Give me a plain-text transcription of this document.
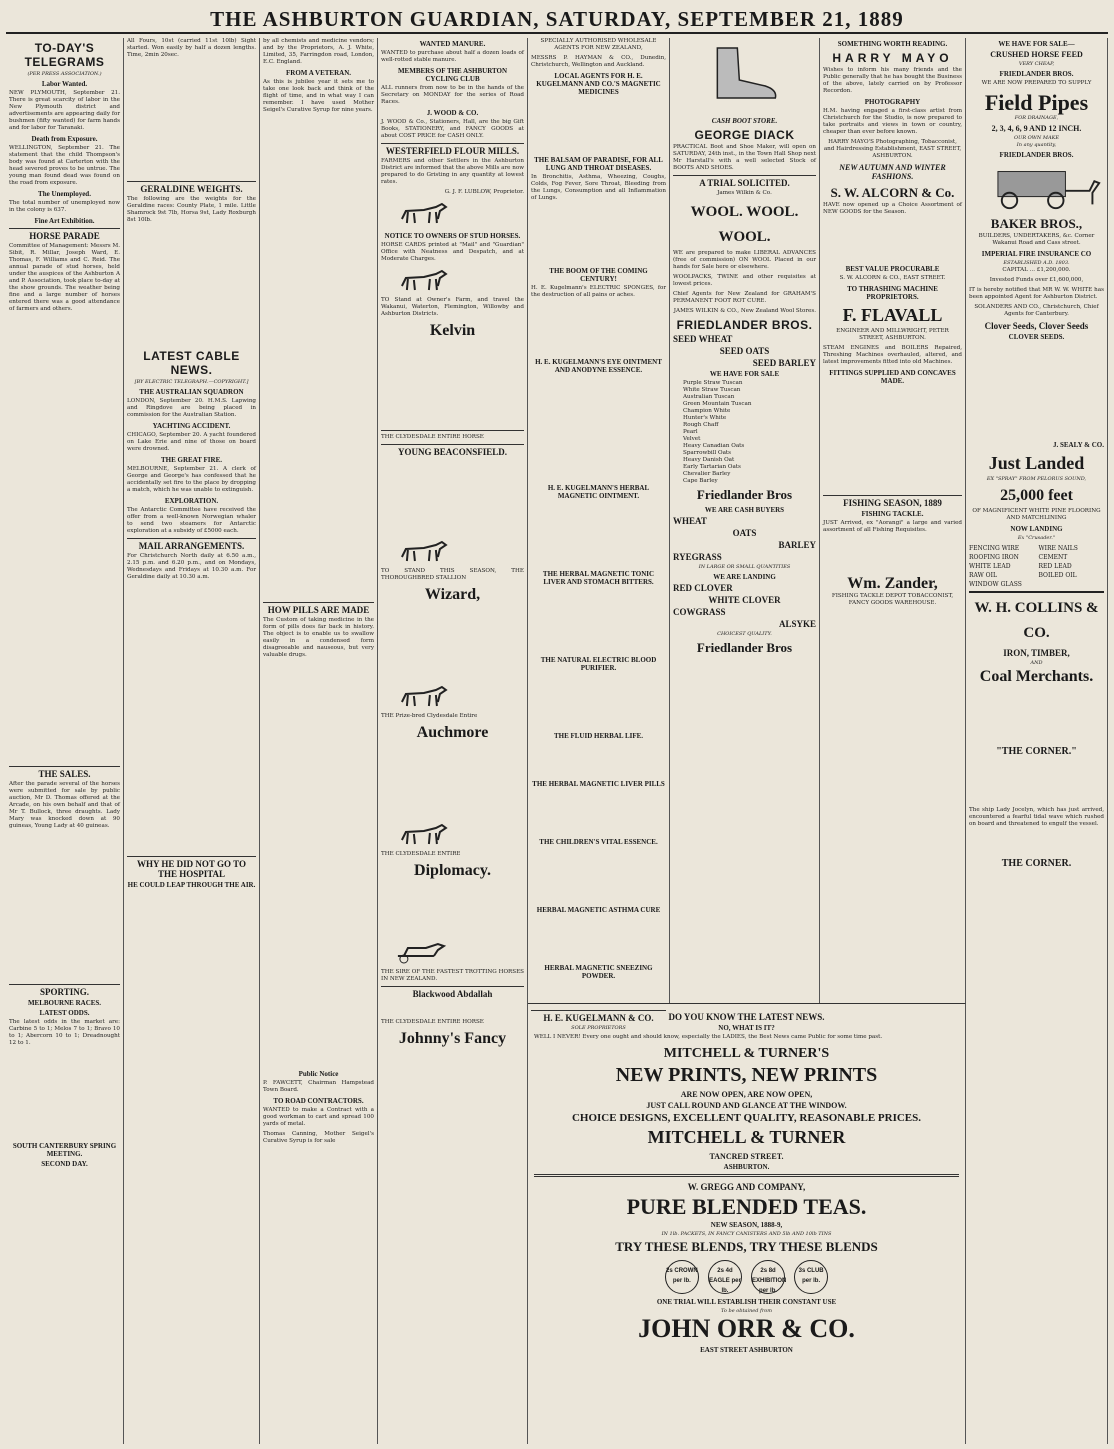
THE ASHBURTON GUARDIAN, SATURDAY, SEPTEMBER 21, 1889
TO-DAY'S TELEGRAMS
(PER PRESS ASSOCIATION.)
Labor Wanted.
NEW PLYMOUTH, September 21. There is great scarcity of labor in the New Plymouth district and advertisements are appearing daily for bushmen (fifty wanted) for farm hands and for labor for Taranaki.
Death from Exposure.
WELLINGTON, September 21. The statement that the child Thompson's body was found at Carterton with the head severed proves to be untrue. The young man found dead was found on the road from exposure.
The Unemployed.
The total number of unemployed now in the colony is 637.
Fine Art Exhibition.
HORSE PARADE
Committee of Management: Messrs M. Sibit, R. Millar, Joseph Ward, E. Thomas, F. Williams and C. Reid. The annual parade of stud horses, held under the auspices of the Ashburton A and P. Association, took place to-day at the show grounds. The weather being fine and a large number of horses entered there was a good attendance of farmers and others.
THE SALES.
After the parade several of the horses were submitted for sale by public auction, Mr D. Thomas offered at the Arcade, on his own behalf and that of Mr T. Bullock, three draughts. Lady Mary was knocked down at 90 guineas, Young Lady at 40 guineas.
SPORTING.
MELBOURNE RACES.
LATEST ODDS.
The latest odds in the market are: Carbine 5 to 1; Melos 7 to 1; Bravo 10 to 1; Abercorn 10 to 1; Dreadnought 12 to 1.
SOUTH CANTERBURY SPRING MEETING.
SECOND DAY.
All Fours, 10st (carried 11st 10lb) Sight started. Won easily by half a dozen lengths. Time, 2min 20sec.
GERALDINE WEIGHTS.
The following are the weights for the Geraldine races: County Plate, 1 mile. Little Shamrock 9st 7lb, Horsa 9st, Lady Roxburgh 8st 10lb.
LATEST CABLE NEWS.
[BY ELECTRIC TELEGRAPH.—COPYRIGHT.]
THE AUSTRALIAN SQUADRON
LONDON, September 20. H.M.S. Lapwing and Ringdove are being placed in commission for the Australian Station.
YACHTING ACCIDENT.
CHICAGO, September 20. A yacht foundered on Lake Erie and nine of those on board were drowned.
THE GREAT FIRE.
MELBOURNE, September 21. A clerk of George and George's has confessed that he accidentally set fire to the place by dropping a match, which he was unable to extinguish.
EXPLORATION.
The Antarctic Committee have received the offer from a well-known Norwegian whaler to send two steamers for Antarctic exploration at a subsidy of £5000 each.
MAIL ARRANGEMENTS.
For Christchurch North daily at 6.50 a.m., 2.15 p.m. and 6.20 p.m., and on Mondays, Wednesdays and Fridays at 10.30 a.m. For Geraldine daily at 10.30 a.m.
WHY HE DID NOT GO TO THE HOSPITAL
HE COULD LEAP THROUGH THE AIR.
by all chemists and medicine vendors; and by the Proprietors, A. J. White, Limited, 35, Farringdon road, London, E.C. England.
FROM A VETERAN.
As this is jubilee year it sets me to take one look back and think of the flight of time, and in what way I can remember. I have used Mother Seigel's Curative Syrup for nine years.
HOW PILLS ARE MADE
The Custom of taking medicine in the form of pills does far back in history. The object is to enable us to swallow easily in a condensed form disagreeable and nauseous, but very valuable drugs.
Public Notice
P. FAWCETT, Chairman Hampstead Town Board.
TO ROAD CONTRACTORS.
WANTED to make a Contract with a good workman to cart and spread 100 yards of metal.
Thomas Canning, Mother Seigel's Curative Syrup is for sale
WANTED MANURE.
WANTED to purchase about half a dozen loads of well-rotted stable manure.
MEMBERS OF THE ASHBURTON CYCLING CLUB
ALL runners from now to be in the hands of the Secretary on MONDAY for the series of Road Races.
J. WOOD & CO.
J. WOOD & Co., Stationers, Hall, are the big Gift Books, STATIONERY, and FANCY GOODS at about COST PRICE for CASH ONLY.
WESTERFIELD FLOUR MILLS.
FARMERS and other Settlers in the Ashburton District are informed that the above Mills are now prepared to do Gristing in any quantity at lowest rates.
G. J. F. LUBLOW, Proprietor.
NOTICE TO OWNERS OF STUD HORSES.
HORSE CARDS printed at "Mail" and "Guardian" Office with Neatness and Despatch, and at Moderate Charges.
TO Stand at Owner's Farm, and travel the Wakanui, Waterton, Flemington, Willowby and Ashburton Districts.
Kelvin
THE CLYDESDALE ENTIRE HORSE
YOUNG BEACONSFIELD.
TO STAND THIS SEASON, THE THOROUGHBRED STALLION
Wizard,
THE Prize-bred Clydesdale Entire
Auchmore
THE CLYDESDALE ENTIRE
Diplomacy.
THE SIRE OF THE FASTEST TROTTING HORSES IN NEW ZEALAND.
Blackwood Abdallah
THE CLYDESDALE ENTIRE HORSE
Johnny's Fancy
SPECIALLY AUTHORISED WHOLESALE AGENTS FOR NEW ZEALAND,
MESSRS P. HAYMAN & CO., Dunedin, Christchurch, Wellington and Auckland.
LOCAL AGENTS FOR H. E. KUGELMANN AND CO.'S MAGNETIC MEDICINES
THE BALSAM OF PARADISE, FOR ALL LUNG AND THROAT DISEASES.
In Bronchitis, Asthma, Wheezing, Coughs, Colds, Fog Fever, Sore Throat, Bleeding from the Lungs, Consumption and all Inflammation of Lungs.
THE BOOM OF THE COMING CENTURY!
H. E. Kugelmann's ELECTRIC SPONGES, for the destruction of all pains or aches.
H. E. KUGELMANN'S EYE OINTMENT AND ANODYNE ESSENCE.
H. E. KUGELMANN'S HERBAL MAGNETIC OINTMENT.
THE HERBAL MAGNETIC TONIC LIVER AND STOMACH BITTERS.
THE NATURAL ELECTRIC BLOOD PURIFIER.
THE FLUID HERBAL LIFE.
THE HERBAL MAGNETIC LIVER PILLS
THE CHILDREN'S VITAL ESSENCE.
HERBAL MAGNETIC ASTHMA CURE
HERBAL MAGNETIC SNEEZING POWDER.
H. E. KUGELMANN & CO.
SOLE PROPRIETORS
CASH BOOT STORE.
GEORGE DIACK
PRACTICAL Boot and Shoe Maker, will open on SATURDAY, 24th inst., in the Town Hall Shop next Mr Harstall's with a well selected Stock of BOOTS AND SHOES.
A TRIAL SOLICITED.
James Wilkin & Co.
WOOL. WOOL. WOOL.
WE are prepared to make LIBERAL ADVANCES (free of commission) ON WOOL Placed in our hands for Sale here or elsewhere.
WOOLPACKS, TWINE and other requisites at lowest prices.
Chief Agents for New Zealand for GRAHAM'S PERMANENT FOOT ROT CURE.
JAMES WILKIN & CO., New Zealand Wool Stores.
FRIEDLANDER BROS.
SEED WHEAT
SEED OATS
SEED BARLEY
WE HAVE FOR SALE
Purple Straw Tuscan
White Straw Tuscan
Australian Tuscan
Green Mountain Tuscan
Champion White
Hunter's White
Rough Chaff
Pearl
Velvet
Heavy Canadian Oats
Sparrowbill Oats
Heavy Danish Oat
Early Tartarian Oats
Chevalier Barley
Cape Barley
Friedlander Bros
WE ARE CASH BUYERS
WHEAT
OATS
BARLEY
RYEGRASS
IN LARGE OR SMALL QUANTITIES
WE ARE LANDING
RED CLOVER
WHITE CLOVER
COWGRASS
ALSYKE
CHOICEST QUALITY.
Friedlander Bros
SOMETHING WORTH READING.
HARRY MAYO
Wishes to inform his many friends and the Public generally that he has bought the Business of the above, lately carried on by Professor Recordon.
PHOTOGRAPHY
H.M. having engaged a first-class artist from Christchurch for the Studio, is now prepared to take portraits and views in town or country, cheaper than ever before known.
HARRY MAYO'S Photographing, Tobacconist, and Hairdressing Establishment, EAST STREET, ASHBURTON.
NEW AUTUMN AND WINTER FASHIONS.
S. W. ALCORN & Co.
HAVE now opened up a Choice Assortment of NEW GOODS for the Season.
BEST VALUE PROCURABLE
S. W. ALCORN & CO., EAST STREET.
TO THRASHING MACHINE PROPRIETORS.
F. FLAVALL
ENGINEER AND MILLWRIGHT, PETER STREET, ASHBURTON.
STEAM ENGINES and BOILERS Repaired, Threshing Machines overhauled, altered, and latest improvements fitted into old Machines.
FITTINGS SUPPLIED AND CONCAVES MADE.
FISHING SEASON, 1889
FISHING TACKLE.
JUST Arrived, ex "Aorangi" a large and varied assortment of all Fishing Requisites.
Wm. Zander,
FISHING TACKLE DEPOT TOBACCONIST, FANCY GOODS WAREHOUSE.
WE HAVE FOR SALE—
CRUSHED HORSE FEED
VERY CHEAP,
FRIEDLANDER BROS.
WE ARE NOW PREPARED TO SUPPLY
Field Pipes
FOR DRAINAGE,
2, 3, 4, 6, 9 AND 12 INCH.
OUR OWN MAKE
In any quantity,
FRIEDLANDER BROS.
BAKER BROS.,
BUILDERS, UNDERTAKERS, &c. Corner Wakanui Road and Cass street.
IMPERIAL FIRE INSURANCE CO
ESTABLISHED A.D. 1803.
CAPITAL ... £1,200,000.
Invested Funds over £1,600,000,
IT is hereby notified that MR W. W. WHITE has been appointed Agent for Ashburton District.
SOLANDERS AND CO., Christchurch, Chief Agents for Canterbury.
Clover Seeds, Clover Seeds
CLOVER SEEDS.
J. SEALY & CO.
Just Landed
EX "SPRAY" FROM PELORUS SOUND,
25,000 feet
OF MAGNIFICENT WHITE PINE FLOORING AND MATCHLINING
NOW LANDING
Ex "Crusader."
FENCING WIRE	WIRE NAILS
ROOFING IRON	CEMENT
WHITE LEAD	RED LEAD
RAW OIL	BOILED OIL
WINDOW GLASS
W. H. COLLINS & CO.
IRON, TIMBER,
AND
Coal Merchants.
"THE CORNER."
The ship Lady Jocelyn, which has just arrived, encountered a fearful tidal wave which rushed on board and threatened to engulf the vessel.
THE CORNER.
DO YOU KNOW THE LATEST NEWS.
NO, WHAT IS IT?
WELL I NEVER! Every one ought and should know, especially the LADIES, the Best News came Public for some time past.
MITCHELL & TURNER'S
NEW PRINTS, NEW PRINTS
ARE NOW OPEN, ARE NOW OPEN,
JUST CALL ROUND AND GLANCE AT THE WINDOW.
CHOICE DESIGNS, EXCELLENT QUALITY, REASONABLE PRICES.
MITCHELL & TURNER
TANCRED STREET.
ASHBURTON.
W. GREGG AND COMPANY,
PURE BLENDED TEAS.
NEW SEASON, 1888-9,
IN 1lb. PACKETS, IN FANCY CANISTERS AND 5lb AND 10lb TINS
TRY THESE BLENDS, TRY THESE BLENDS
2s CROWN per lb. 2s 4d EAGLE per lb. 2s 8d EXHIBITION per lb. 3s CLUB per lb.
ONE TRIAL WILL ESTABLISH THEIR CONSTANT USE
To be obtained from
JOHN ORR & CO.
EAST STREET ASHBURTON
